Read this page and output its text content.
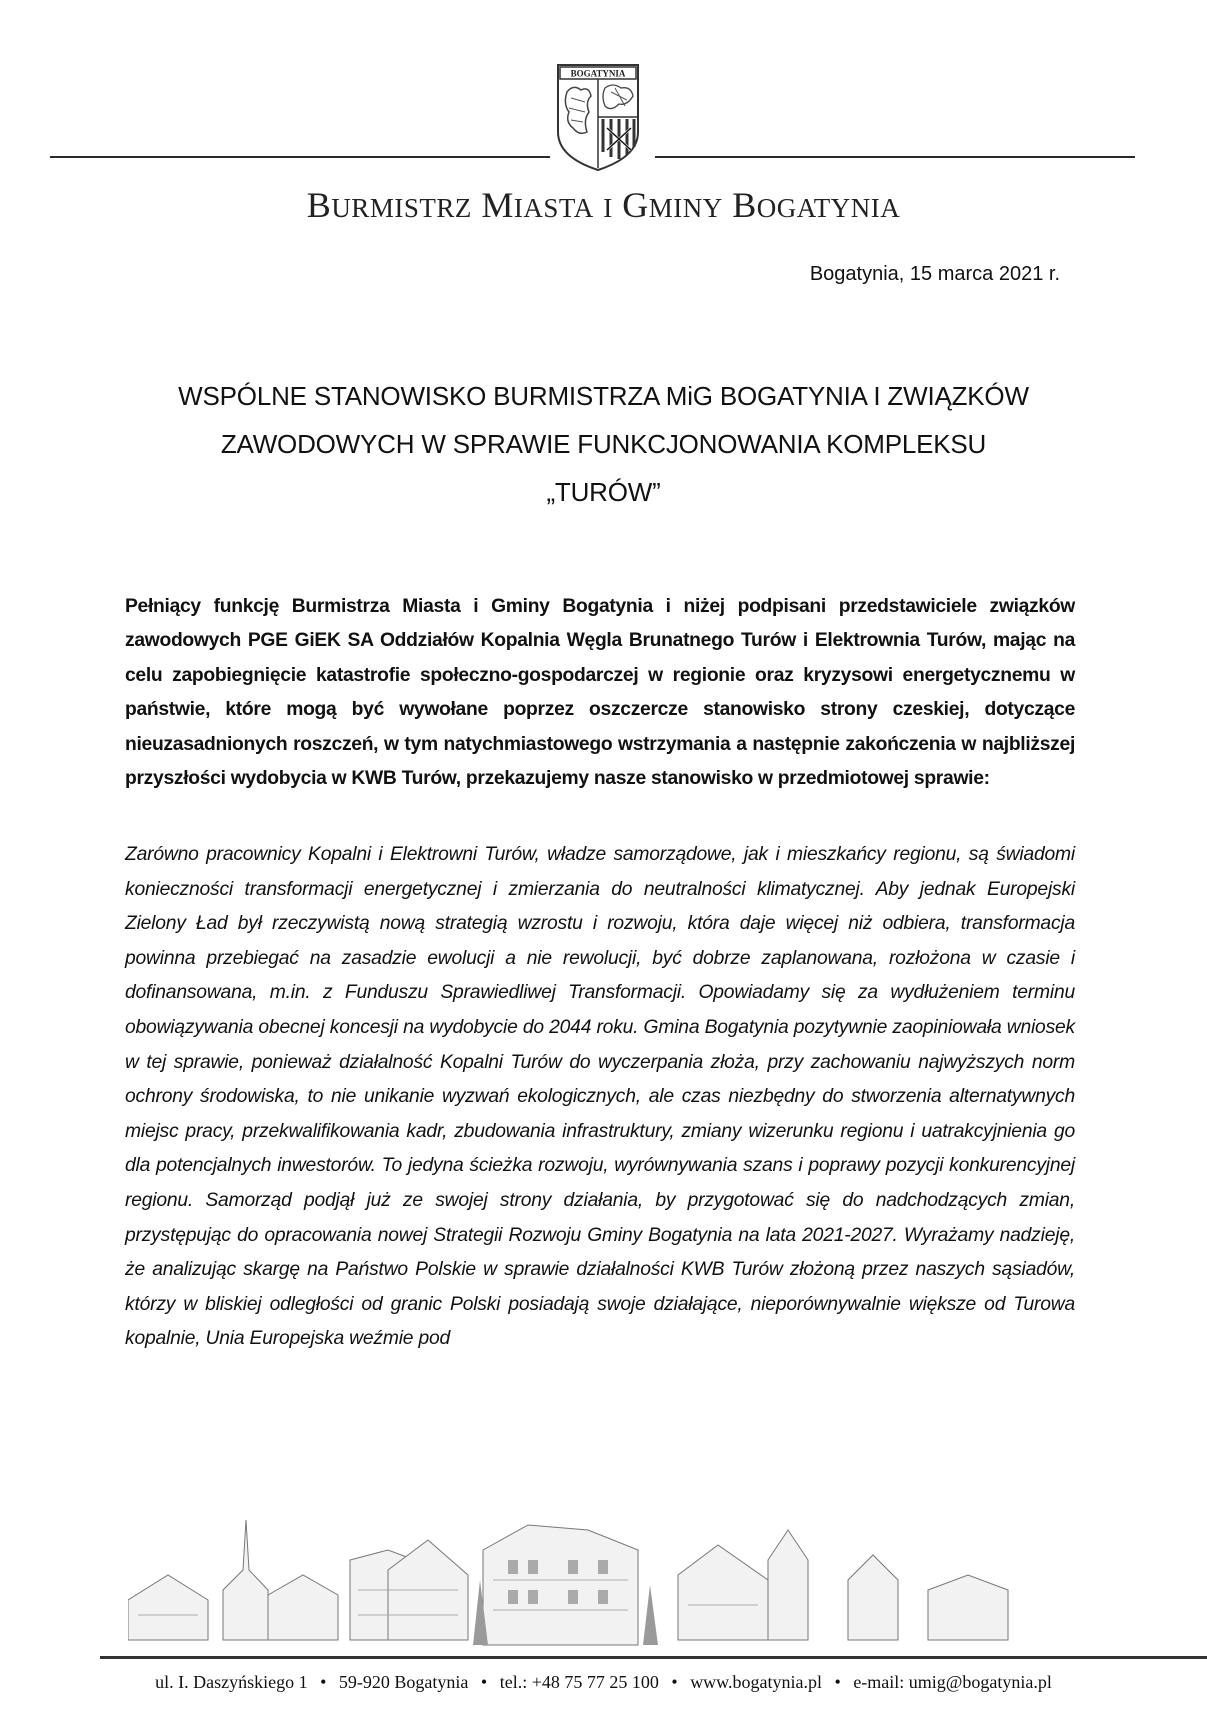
BOGATYNIA
BURMISTRZ MIASTA I GMINY BOGATYNIA
Bogatynia, 15 marca 2021 r.
WSPÓLNE STANOWISKO BURMISTRZA MiG BOGATYNIA I ZWIĄZKÓW
ZAWODOWYCH W SPRAWIE FUNKCJONOWANIA KOMPLEKSU
„TURÓW”

Pełniący funkcję Burmistrza Miasta i Gminy Bogatynia i niżej podpisani przedstawiciele związków zawodowych PGE GiEK SA Oddziałów Kopalnia Węgla Brunatnego Turów i Elektrownia Turów, mając na celu zapobiegnięcie katastrofie społeczno-gospodarczej w regionie oraz kryzysowi energetycznemu w państwie, które mogą być wywołane poprzez oszczercze stanowisko strony czeskiej, dotyczące nieuzasadnionych roszczeń, w tym natychmiastowego wstrzymania a następnie zakończenia w najbliższej przyszłości wydobycia w KWB Turów, przekazujemy nasze stanowisko w przedmiotowej sprawie:

Zarówno pracownicy Kopalni i Elektrowni Turów, władze samorządowe, jak i mieszkańcy regionu, są świadomi konieczności transformacji energetycznej i zmierzania do neutralności klimatycznej. Aby jednak Europejski Zielony Ład był rzeczywistą nową strategią wzrostu i rozwoju, która daje więcej niż odbiera, transformacja powinna przebiegać na zasadzie ewolucji a nie rewolucji, być dobrze zaplanowana, rozłożona w czasie i dofinansowana, m.in. z Funduszu Sprawiedliwej Transformacji. Opowiadamy się za wydłużeniem terminu obowiązywania obecnej koncesji na wydobycie do 2044 roku. Gmina Bogatynia pozytywnie zaopiniowała wniosek w tej sprawie, ponieważ działalność Kopalni Turów do wyczerpania złoża, przy zachowaniu najwyższych norm ochrony środowiska, to nie unikanie wyzwań ekologicznych, ale czas niezbędny do stworzenia alternatywnych miejsc pracy, przekwalifikowania kadr, zbudowania infrastruktury, zmiany wizerunku regionu i uatrakcyjnienia go dla potencjalnych inwestorów. To jedyna ścieżka rozwoju, wyrównywania szans i poprawy pozycji konkurencyjnej regionu. Samorząd podjął już ze swojej strony działania, by przygotować się do nadchodzących zmian, przystępując do opracowania nowej Strategii Rozwoju Gminy Bogatynia na lata 2021-2027. Wyrażamy nadzieję, że analizując skargę na Państwo Polskie w sprawie działalności KWB Turów złożoną przez naszych sąsiadów, którzy w bliskiej odległości od granic Polski posiadają swoje działające, nieporównywalnie większe od Turowa kopalnie, Unia Europejska weźmie pod

ul. I. Daszyńskiego 1 • 59-920 Bogatynia • tel.: +48 75 77 25 100 • www.bogatynia.pl • e-mail: umig@bogatynia.pl
